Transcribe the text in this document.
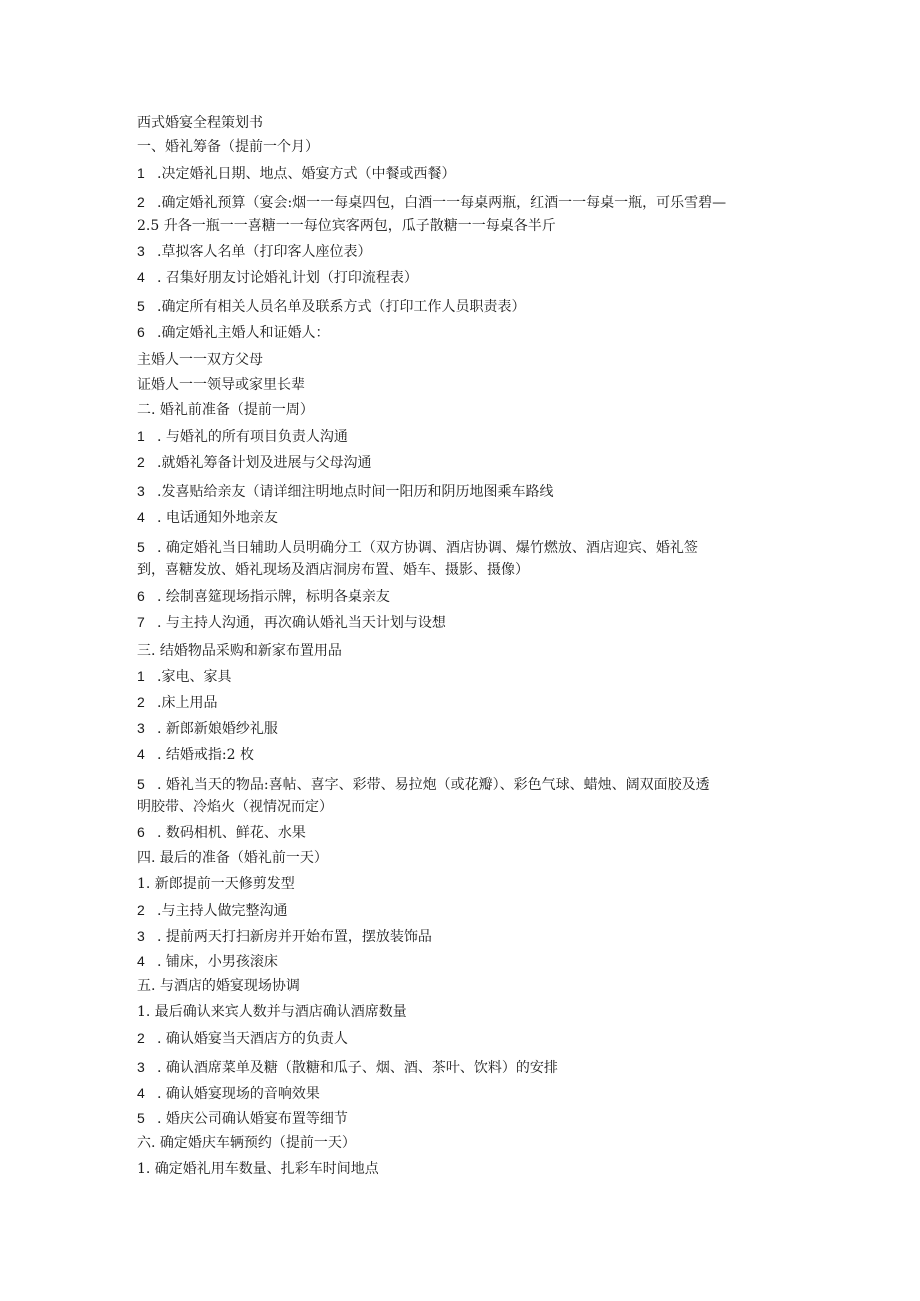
西式婚宴全程策划书
一、婚礼筹备（提前一个月）
1 .决定婚礼日期、地点、婚宴方式（中餐或西餐）
2 .确定婚礼预算（宴会:烟一一每桌四包，白酒一一每桌两瓶，红酒一一每桌一瓶，可乐雪碧—
2.5 升各一瓶一一喜糖一一每位宾客两包，瓜子散糖一一每桌各半斤
3 .草拟客人名单（打印客人座位表）
4 . 召集好朋友讨论婚礼计划（打印流程表）
5 .确定所有相关人员名单及联系方式（打印工作人员职责表）
6 .确定婚礼主婚人和证婚人：
主婚人一一双方父母
证婚人一一领导或家里长辈
二. 婚礼前准备（提前一周）
1 . 与婚礼的所有项目负责人沟通
2 .就婚礼筹备计划及进展与父母沟通
3 .发喜贴给亲友（请详细注明地点时间一阳历和阴历地图乘车路线
4 . 电话通知外地亲友
5 . 确定婚礼当日辅助人员明确分工（双方协调、酒店协调、爆竹燃放、酒店迎宾、婚礼签
到，喜糖发放、婚礼现场及酒店洞房布置、婚车、摄影、摄像）
6 . 绘制喜筵现场指示牌，标明各桌亲友
7 . 与主持人沟通，再次确认婚礼当天计划与设想
三. 结婚物品采购和新家布置用品
1 .家电、家具
2 .床上用品
3 . 新郎新娘婚纱礼服
4 . 结婚戒指:2 枚
5 . 婚礼当天的物品:喜帖、喜字、彩带、易拉炮（或花瓣）、彩色气球、蜡烛、阔双面胶及透
明胶带、冷焰火（视情况而定）
6 . 数码相机、鲜花、水果
四. 最后的准备（婚礼前一天）
1. 新郎提前一天修剪发型
2 .与主持人做完整沟通
3 . 提前两天打扫新房并开始布置，摆放装饰品
4 . 铺床，小男孩滚床
五. 与酒店的婚宴现场协调
1. 最后确认来宾人数并与酒店确认酒席数量
2 . 确认婚宴当天酒店方的负责人
3 . 确认酒席菜单及糖（散糖和瓜子、烟、酒、茶叶、饮料）的安排
4 . 确认婚宴现场的音响效果
5 . 婚庆公司确认婚宴布置等细节
六. 确定婚庆车辆预约（提前一天）
1. 确定婚礼用车数量、扎彩车时间地点
